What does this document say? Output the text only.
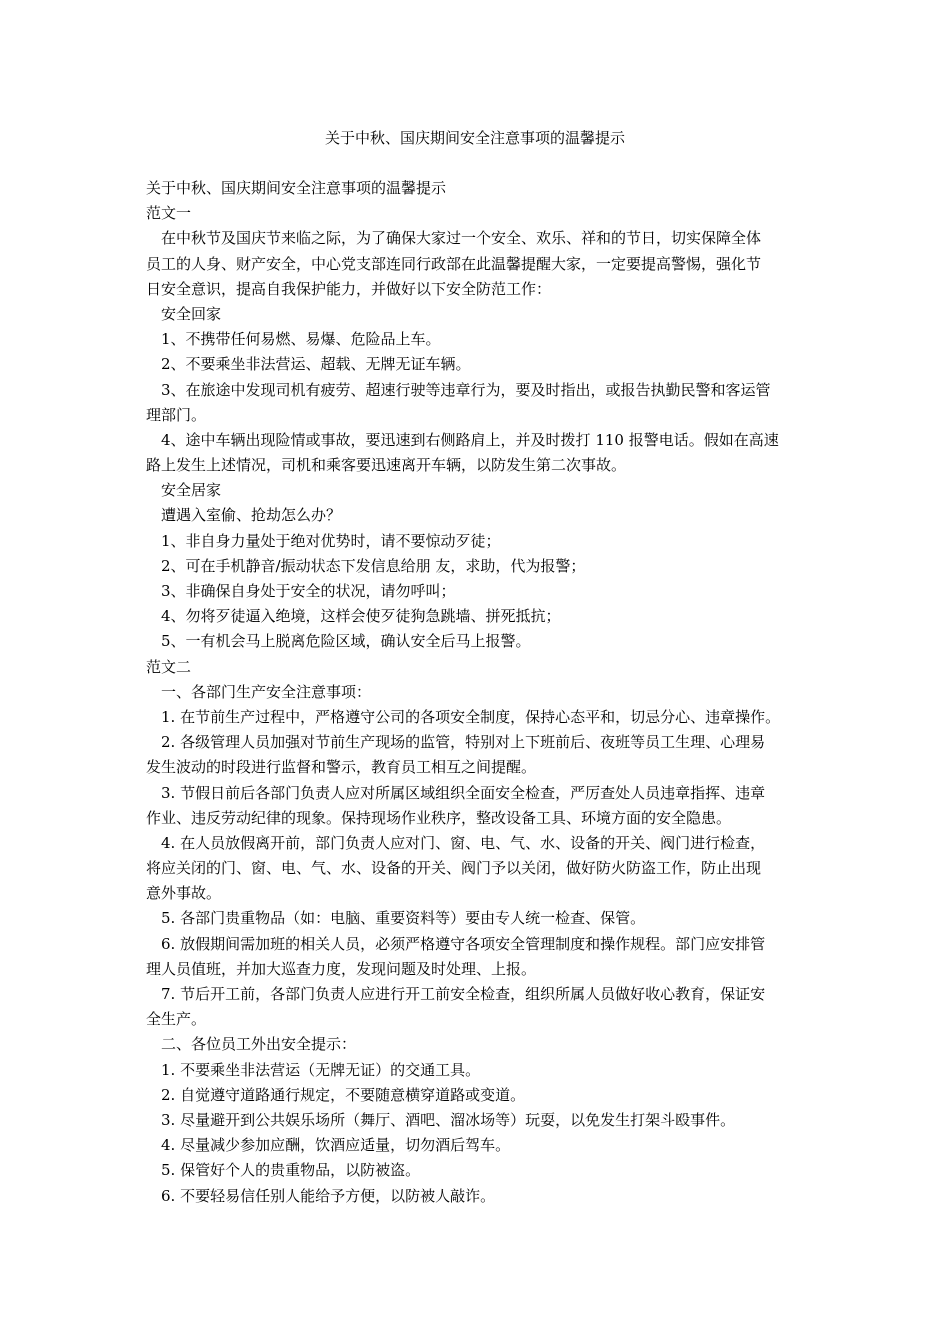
关于中秋、国庆期间安全注意事项的温馨提示
关于中秋、国庆期间安全注意事项的温馨提示
范文一
在中秋节及国庆节来临之际，为了确保大家过一个安全、欢乐、祥和的节日，切实保障全体
员工的人身、财产安全，中心党支部连同行政部在此温馨提醒大家，一定要提高警惕，强化节
日安全意识，提高自我保护能力，并做好以下安全防范工作：
安全回家
1、不携带任何易燃、易爆、危险品上车。
2、不要乘坐非法营运、超载、无牌无证车辆。
3、在旅途中发现司机有疲劳、超速行驶等违章行为，要及时指出，或报告执勤民警和客运管
理部门。
4、途中车辆出现险情或事故，要迅速到右侧路肩上，并及时拨打 110 报警电话。假如在高速
路上发生上述情况，司机和乘客要迅速离开车辆，以防发生第二次事故。
安全居家
遭遇入室偷、抢劫怎么办？
1、非自身力量处于绝对优势时，请不要惊动歹徒；
2、可在手机静音/振动状态下发信息给朋 友，求助，代为报警；
3、非确保自身处于安全的状况，请勿呼叫；
4、勿将歹徒逼入绝境，这样会使歹徒狗急跳墙、拼死抵抗；
5、一有机会马上脱离危险区域，确认安全后马上报警。
范文二
一、各部门生产安全注意事项：
1. 在节前生产过程中，严格遵守公司的各项安全制度，保持心态平和，切忌分心、违章操作。
2. 各级管理人员加强对节前生产现场的监管，特别对上下班前后、夜班等员工生理、心理易
发生波动的时段进行监督和警示，教育员工相互之间提醒。
3. 节假日前后各部门负责人应对所属区域组织全面安全检查，严厉查处人员违章指挥、违章
作业、违反劳动纪律的现象。保持现场作业秩序，整改设备工具、环境方面的安全隐患。
4. 在人员放假离开前，部门负责人应对门、窗、电、气、水、设备的开关、阀门进行检查，
将应关闭的门、窗、电、气、水、设备的开关、阀门予以关闭，做好防火防盗工作，防止出现
意外事故。
5. 各部门贵重物品（如：电脑、重要资料等）要由专人统一检查、保管。
6. 放假期间需加班的相关人员，必须严格遵守各项安全管理制度和操作规程。部门应安排管
理人员值班，并加大巡查力度，发现问题及时处理、上报。
7. 节后开工前，各部门负责人应进行开工前安全检查，组织所属人员做好收心教育，保证安
全生产。
二、各位员工外出安全提示：
1. 不要乘坐非法营运（无牌无证）的交通工具。
2. 自觉遵守道路通行规定，不要随意横穿道路或变道。
3. 尽量避开到公共娱乐场所（舞厅、酒吧、溜冰场等）玩耍，以免发生打架斗殴事件。
4. 尽量减少参加应酬，饮酒应适量，切勿酒后驾车。
5. 保管好个人的贵重物品，以防被盗。
6. 不要轻易信任别人能给予方便，以防被人敲诈。
